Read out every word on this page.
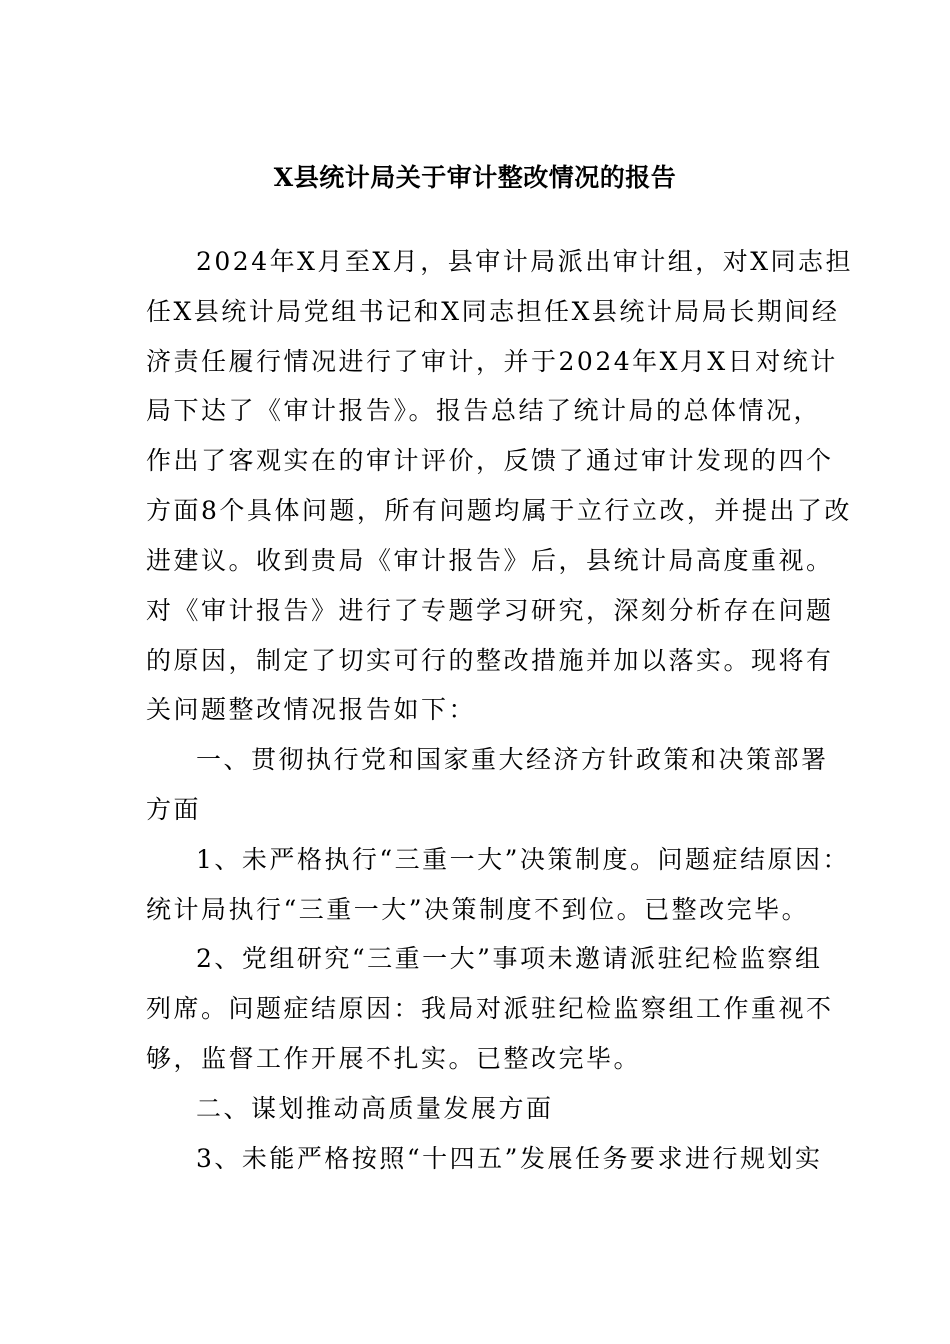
X县统计局关于审计整改情况的报告
2024年X月至X月，县审计局派出审计组，对X同志担
任X县统计局党组书记和X同志担任X县统计局局长期间经
济责任履行情况进行了审计，并于2024年X月X日对统计
局下达了《审计报告》。报告总结了统计局的总体情况，
作出了客观实在的审计评价，反馈了通过审计发现的四个
方面8个具体问题，所有问题均属于立行立改，并提出了改
进建议。收到贵局《审计报告》后，县统计局高度重视。
对《审计报告》进行了专题学习研究，深刻分析存在问题
的原因，制定了切实可行的整改措施并加以落实。现将有
关问题整改情况报告如下：
一、贯彻执行党和国家重大经济方针政策和决策部署
方面
1、未严格执行“三重一大”决策制度。问题症结原因：
统计局执行“三重一大”决策制度不到位。已整改完毕。
2、党组研究“三重一大”事项未邀请派驻纪检监察组
列席。问题症结原因：我局对派驻纪检监察组工作重视不
够，监督工作开展不扎实。已整改完毕。
二、谋划推动高质量发展方面
3、未能严格按照“十四五”发展任务要求进行规划实
